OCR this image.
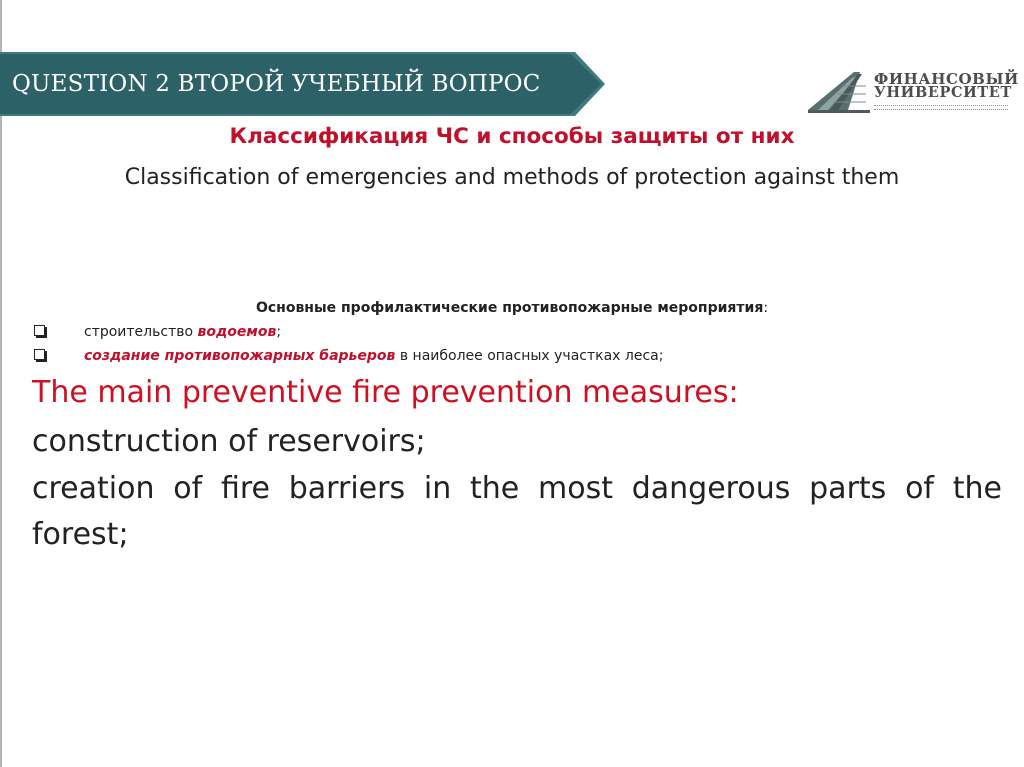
QUESTION 2 ВТОРОЙ УЧЕБНЫЙ ВОПРОС	ФИНАНСОВЫЙ
УНИВЕРСИТЕТ
Классификация ЧС и способы защиты от них
Classification of emergencies and methods of protection against them
Основные профилактические противопожарные мероприятия:
строительство водоемов;
создание противопожарных барьеров в наиболее опасных участках леса;
The main preventive fire prevention measures:
construction of reservoirs;
creation of fire barriers in the most dangerous parts of the
forest;
